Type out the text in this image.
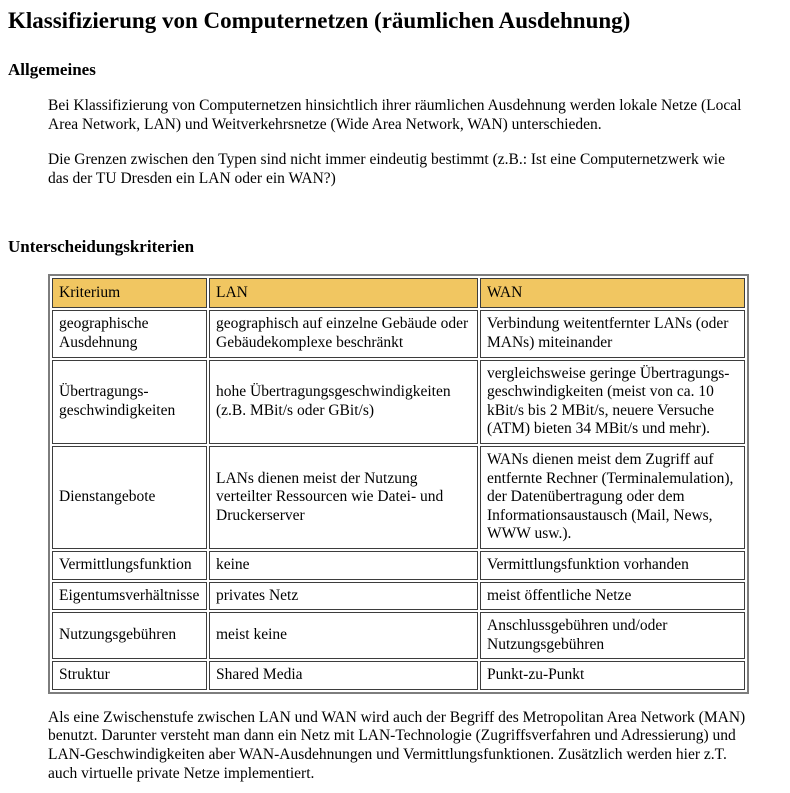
Klassifizierung von Computernetzen (räumlichen Ausdehnung)
Allgemeines

Bei Klassifizierung von Computernetzen hinsichtlich ihrer räumlichen Ausdehnung werden lokale Netze (Local Area Network, LAN) und Weitverkehrsnetze (Wide Area Network, WAN) unterschieden.

Die Grenzen zwischen den Typen sind nicht immer eindeutig bestimmt (z.B.: Ist eine Computernetzwerk wie das der TU Dresden ein LAN oder ein WAN?)

Unterscheidungskriterien
Kriterium	LAN	WAN
geographische Ausdehnung	geographisch auf einzelne Gebäude oder Gebäudekomplexe beschränkt	Verbindung weitentfernter LANs (oder MANs) miteinander
Übertragungs-geschwindigkeiten	hohe Übertragungsgeschwindigkeiten (z.B. MBit/s oder GBit/s)	vergleichsweise geringe Übertragungs-geschwindigkeiten (meist von ca. 10 kBit/s bis 2 MBit/s, neuere Versuche (ATM) bieten 34 MBit/s und mehr).
Dienstangebote	LANs dienen meist der Nutzung verteilter Ressourcen wie Datei- und Druckerserver	WANs dienen meist dem Zugriff auf entfernte Rechner (Terminalemulation), der Datenübertragung oder dem Informationsaustausch (Mail, News, WWW usw.).
Vermittlungsfunktion	keine	Vermittlungsfunktion vorhanden
Eigentumsverhältnisse	privates Netz	meist öffentliche Netze
Nutzungsgebühren	meist keine	Anschlussgebühren und/oder Nutzungsgebühren
Struktur	Shared Media	Punkt-zu-Punkt

Als eine Zwischenstufe zwischen LAN und WAN wird auch der Begriff des Metropolitan Area Network (MAN) benutzt. Darunter versteht man dann ein Netz mit LAN-Technologie (Zugriffsverfahren und Adressierung) und LAN-Geschwindigkeiten aber WAN-Ausdehnungen und Vermittlungsfunktionen. Zusätzlich werden hier z.T. auch virtuelle private Netze implementiert.
